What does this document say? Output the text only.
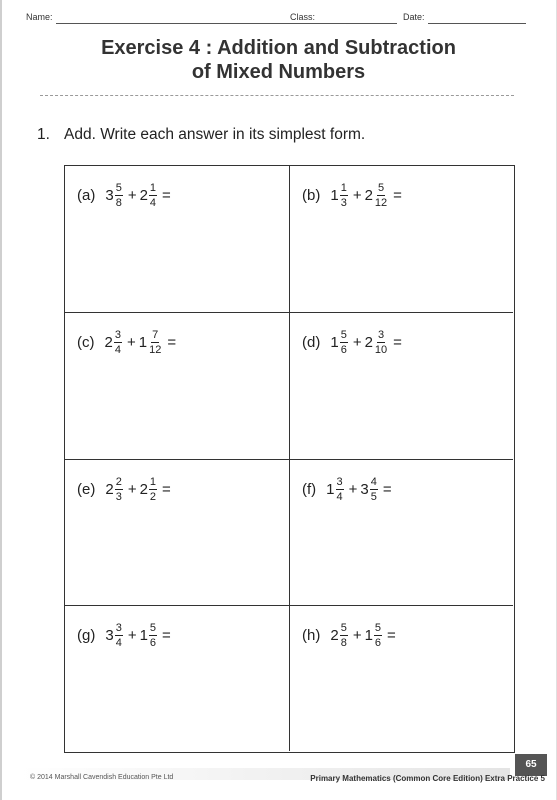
Name:	Class:	Date:
Exercise 4 : Addition and Subtraction
of Mixed Numbers
1. Add. Write each answer in its simplest form.
(a) $3 \frac{5}{8} + 2 \frac{1}{4}$ =	(b) $1 \frac{1}{3} + 2 \frac{5}{12}$ =
(c) $2 \frac{3}{4} + 1 \frac{7}{12}$ =	(d) $1 \frac{5}{6} + 2 \frac{3}{10}$ =
(e) $2 \frac{2}{3} + 2 \frac{1}{2}$ =	(f) $1 \frac{3}{4} + 3 \frac{4}{5}$ =
(g) $3 \frac{3}{4} + 1 \frac{5}{6}$ =	(h) $2 \frac{5}{8} + 1 \frac{5}{6}$ =
65
© 2014 Marshall Cavendish Education Pte Ltd	Primary Mathematics (Common Core Edition) Extra Practice 5
